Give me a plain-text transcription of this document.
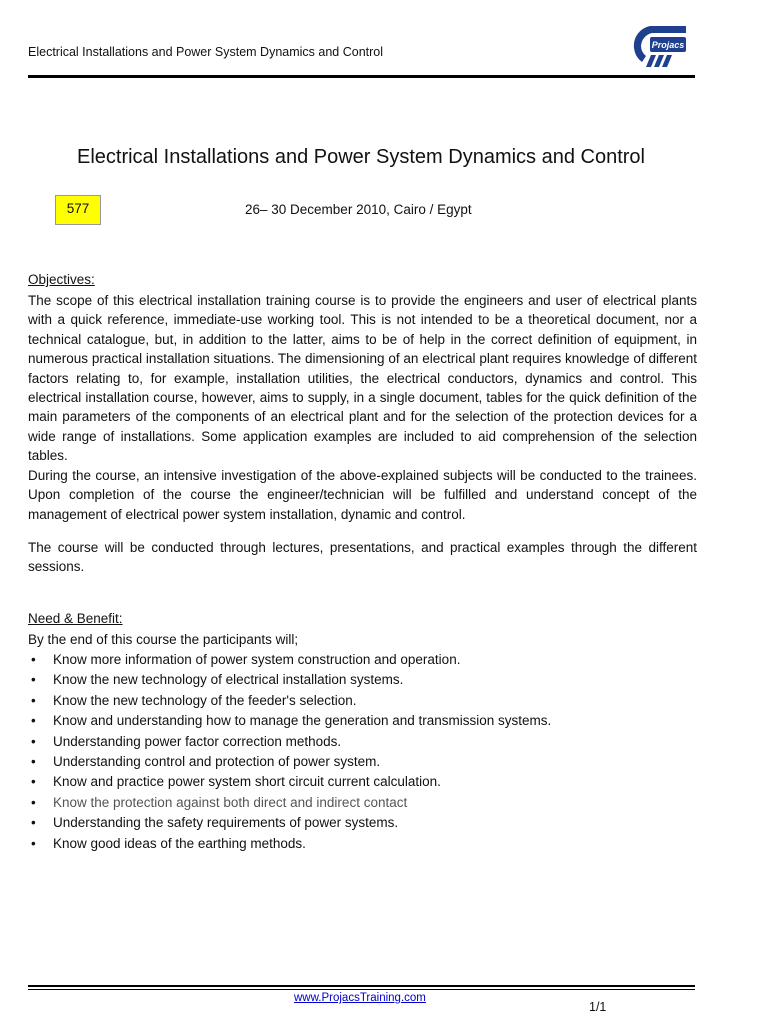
Electrical Installations and Power System Dynamics and Control	Projacs
Electrical Installations and Power System Dynamics and Control
577	26– 30 December 2010, Cairo / Egypt
Objectives:
The scope of this electrical installation training course is to provide the engineers and user of electrical plants with a quick reference, immediate-use working tool. This is not intended to be a theoretical document, nor a technical catalogue, but, in addition to the latter, aims to be of help in the correct definition of equipment, in numerous practical installation situations. The dimensioning of an electrical plant requires knowledge of different factors relating to, for example, installation utilities, the electrical conductors, dynamics and control. This electrical installation course, however, aims to supply, in a single document, tables for the quick definition of the main parameters of the components of an electrical plant and for the selection of the protection devices for a wide range of installations. Some application examples are included to aid comprehension of the selection tables.
During the course, an intensive investigation of the above-explained subjects will be conducted to the trainees. Upon completion of the course the engineer/technician will be fulfilled and understand concept of the management of electrical power system installation, dynamic and control.
The course will be conducted through lectures, presentations, and practical examples through the different sessions.
Need & Benefit:
By the end of this course the participants will;
• Know more information of power system construction and operation.
• Know the new technology of electrical installation systems.
• Know the new technology of the feeder's selection.
• Know and understanding how to manage the generation and transmission systems.
• Understanding power factor correction methods.
• Understanding control and protection of power system.
• Know and practice power system short circuit current calculation.
• Know the protection against both direct and indirect contact
• Understanding the safety requirements of power systems.
• Know good ideas of the earthing methods.
www.ProjacsTraining.com
1/1
